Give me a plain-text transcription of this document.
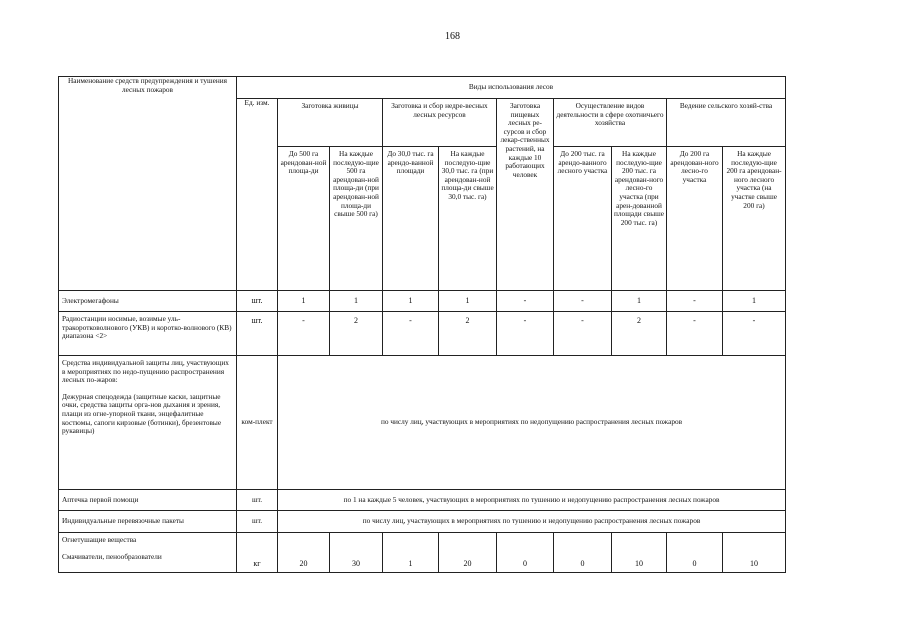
168
Наименование средств предупреждения и тушения лесных пожаров	Виды использования лесов									
	Ед. изм.	Заготовка живицы		Заготовка и сбор недре-весных лесных ресурсов		Заготовка пищевых лесных ре-сурсов и сбор лекар-ственных растений, на каждые 10 работающих человек	Осуществление видов деятельности в сфере охотничьего хозяйства		Ведение сельского хозяй-ства	
		До 500 га арендован-ной площа-ди	На каждые последую-щие 500 га арендован-ной площа-ди (при арендован-ной площа-ди свыше 500 га)	До 30,0 тыс. га арендо-ванной площади	На каждые последую-щие 30,0 тыс. га (при арендован-ной площа-ди свыше 30,0 тыс. га)		До 200 тыс. га арендо-ванного лесного участка	На каждые последую-щие 200 тыс. га арендован-ного лесно-го участка (при арен-дованной площади свыше 200 тыс. га)	До 200 га арендован-ного лесно-го участка	На каждые последую-щие 200 га арендован-ного лесного участка (на участке свыше 200 га)
Электромегафоны	шт.	1	1	1	1	-	-	1	-	1
Радиостанции носимые, возимые уль-тракоротковолнового (УКВ) и коротко-волнового (КВ) диапазона <2>	шт.	-	2	-	2	-	-	2	-	-

Средства индивидуальной защиты лиц, участвующих в мероприятиях по недо-пущению распространения лесных по-жаров:
Дежурная спецодежда (защитные каски, защитные очки, средства защиты орга-нов дыхания и зрения, плащи из огне-упорной ткани, энцефалитные костюмы, сапоги кирзовые (ботинки), брезентовые рукавицы)	ком-плект	по числу лиц, участвующих в мероприятиях по недопущению распространения лесных пожаров								
Аптечка первой помощи	шт.	по 1 на каждые 5 человек, участвующих в мероприятиях по тушению и недопущению распространения лесных пожаров								
Индивидуальные перевязочные пакеты	шт.	по числу лиц, участвующих в мероприятиях по тушению и недопущению распространения лесных пожаров								

Огнетушащие вещества
Смачиватели, пенообразователи	кг	20	30	1	20	0	0	10	0	10
